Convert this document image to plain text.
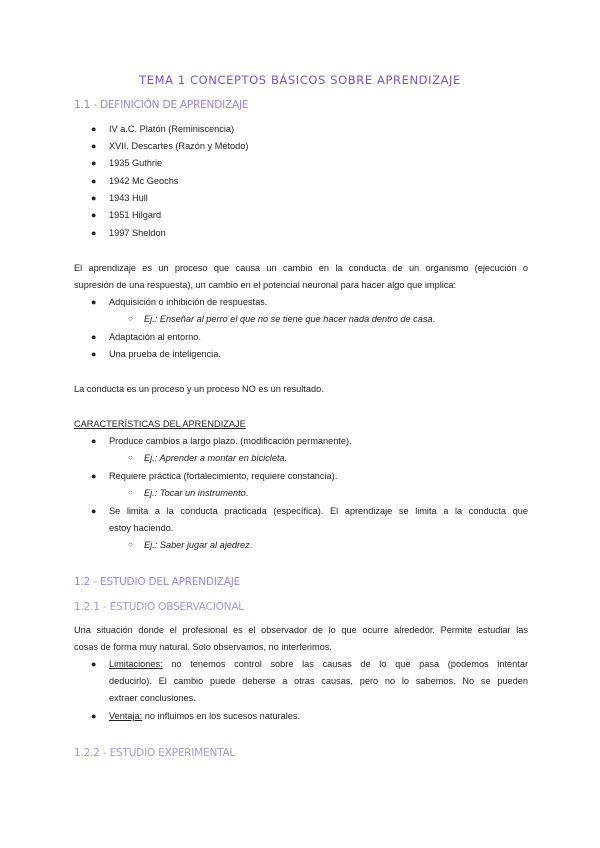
TEMA 1 CONCEPTOS BÁSICOS SOBRE APRENDIZAJE
1.1 - DEFINICIÓN DE APRENDIZAJE
● IV a.C. Platón (Reminiscencia)
● XVII. Descartes (Razón y Método)
● 1935 Guthrie
● 1942 Mc Geochs
● 1943 Hull
● 1951 Hilgard
● 1997 Sheldon
El aprendizaje es un proceso que causa un cambio en la conducta de un organismo (ejecución o
supresión de una respuesta), un cambio en el potencial neuronal para hacer algo que implica:
● Adquisición o inhibición de respuestas.
○ Ej.: Enseñar al perro el que no se tiene que hacer nada dentro de casa.
● Adaptación al entorno.
● Una prueba de inteligencia.
La conducta es un proceso y un proceso NO es un resultado.
CARACTERÍSTICAS DEL APRENDIZAJE
● Produce cambios a largo plazo. (modificación permanente).
○ Ej.: Aprender a montar en bicicleta.
● Requiere práctica (fortalecimiento, requiere constancia).
○ Ej.: Tocar un instrumento.
● Se limita a la conducta practicada (específica). El aprendizaje se limita a la conducta que
estoy haciendo.
○ Ej.: Saber jugar al ajedrez.
1.2 - ESTUDIO DEL APRENDIZAJE
1.2.1 - ESTUDIO OBSERVACIONAL
Una situación donde el profesional es el observador de lo que ocurre alrededor. Permite estudiar las
cosas de forma muy natural. Solo observamos, no interferimos.
● Limitaciones: no tenemos control sobre las causas de lo que pasa (podemos intentar
deducirlo). El cambio puede deberse a otras causas, pero no lo sabemos. No se pueden
extraer conclusiones.
● Ventaja: no influimos en los sucesos naturales.
1.2.2 - ESTUDIO EXPERIMENTAL
